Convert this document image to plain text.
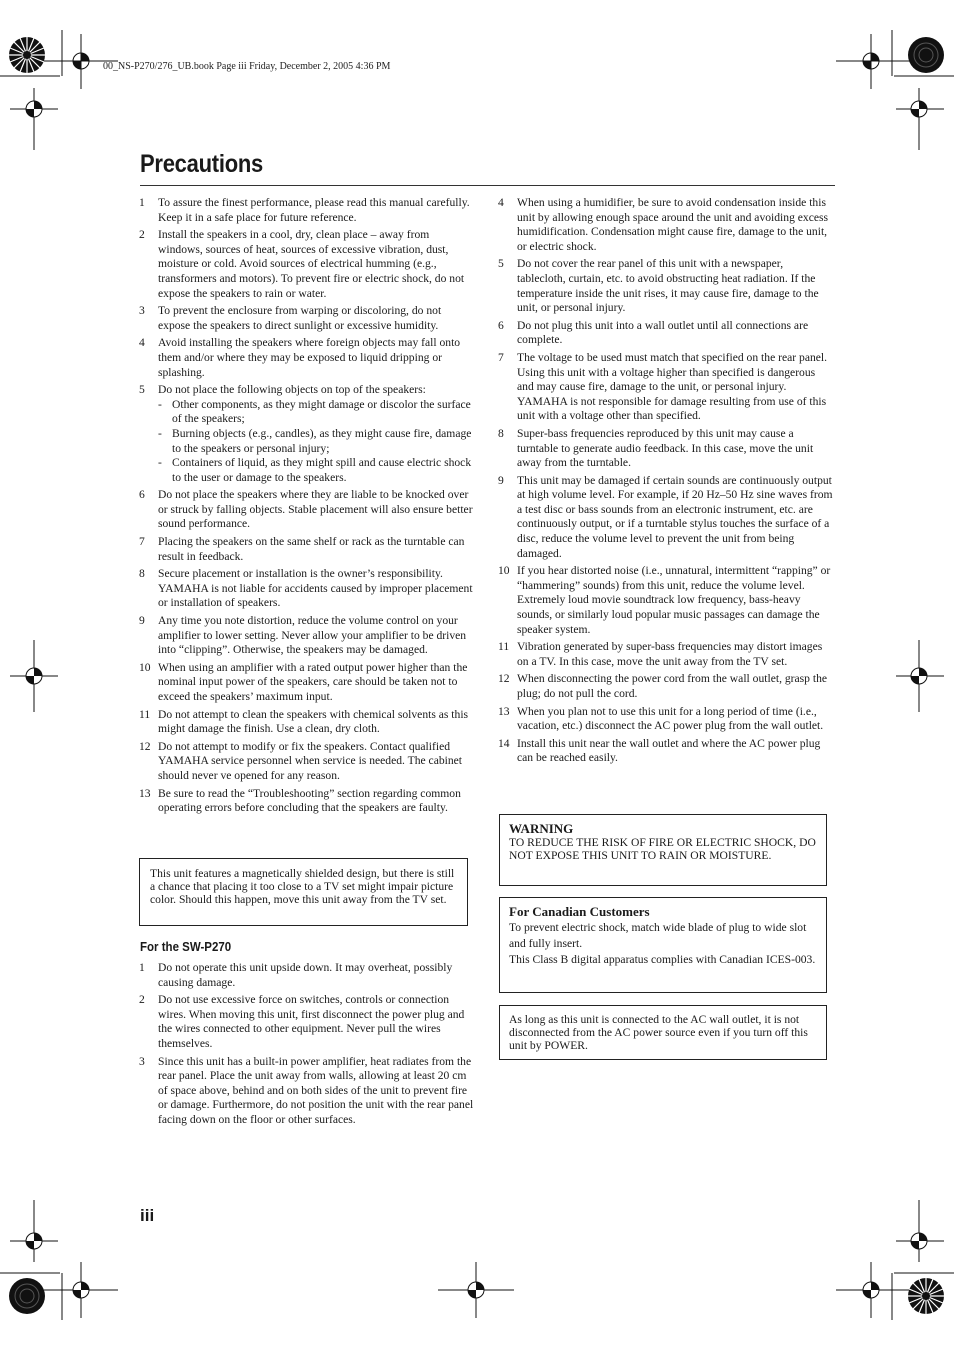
00_NS-P270/276_UB.book Page iii Friday, December 2, 2005 4:36 PM
Precautions
1	To assure the finest performance, please read this manual carefully. Keep it in a safe place for future reference.
2	Install the speakers in a cool, dry, clean place – away from windows, sources of heat, sources of excessive vibration, dust, moisture or cold. Avoid sources of electrical humming (e.g., transformers and motors). To prevent fire or electric shock, do not expose the speakers to rain or water.
3	To prevent the enclosure from warping or discoloring, do not expose the speakers to direct sunlight or excessive humidity.
4	Avoid installing the speakers where foreign objects may fall onto them and/or where they may be exposed to liquid dripping or splashing.
5	Do not place the following objects on top of the speakers:
- Other components, as they might damage or discolor the surface of the speakers;
- Burning objects (e.g., candles), as they might cause fire, damage to the speakers or personal injury;
- Containers of liquid, as they might spill and cause electric shock to the user or damage to the speakers.
6	Do not place the speakers where they are liable to be knocked over or struck by falling objects. Stable placement will also ensure better sound performance.
7	Placing the speakers on the same shelf or rack as the turntable can result in feedback.
8	Secure placement or installation is the owner’s responsibility. YAMAHA is not liable for accidents caused by improper placement or installation of speakers.
9	Any time you note distortion, reduce the volume control on your amplifier to lower setting. Never allow your amplifier to be driven into “clipping”. Otherwise, the speakers may be damaged.
10 When using an amplifier with a rated output power higher than the nominal input power of the speakers, care should be taken not to exceed the speakers’ maximum input.
11 Do not attempt to clean the speakers with chemical solvents as this might damage the finish. Use a clean, dry cloth.
12 Do not attempt to modify or fix the speakers. Contact qualified YAMAHA service personnel when service is needed. The cabinet should never ve opened for any reason.
13 Be sure to read the “Troubleshooting” section regarding common operating errors before concluding that the speakers are faulty.

This unit features a magnetically shielded design, but there is still a chance that placing it too close to a TV set might impair picture color. Should this happen, move this unit away from the TV set.

For the SW-P270
1	Do not operate this unit upside down. It may overheat, possibly causing damage.
2	Do not use excessive force on switches, controls or connection wires. When moving this unit, first disconnect the power plug and the wires connected to other equipment. Never pull the wires themselves.
3	Since this unit has a built-in power amplifier, heat radiates from the rear panel. Place the unit away from walls, allowing at least 20 cm of space above, behind and on both sides of the unit to prevent fire or damage. Furthermore, do not position the unit with the rear panel facing down on the floor or other surfaces.
4	When using a humidifier, be sure to avoid condensation inside this unit by allowing enough space around the unit and avoiding excess humidification. Condensation might cause fire, damage to the unit, or electric shock.
5	Do not cover the rear panel of this unit with a newspaper, tablecloth, curtain, etc. to avoid obstructing heat radiation. If the temperature inside the unit rises, it may cause fire, damage to the unit, or personal injury.
6	Do not plug this unit into a wall outlet until all connections are complete.
7	The voltage to be used must match that specified on the rear panel. Using this unit with a voltage higher than specified is dangerous and may cause fire, damage to the unit, or personal injury. YAMAHA is not responsible for damage resulting from use of this unit with a voltage other than specified.
8	Super-bass frequencies reproduced by this unit may cause a turntable to generate audio feedback. In this case, move the unit away from the turntable.
9	This unit may be damaged if certain sounds are continuously output at high volume level. For example, if 20 Hz–50 Hz sine waves from a test disc or bass sounds from an electronic instrument, etc. are continuously output, or if a turntable stylus touches the surface of a disc, reduce the volume level to prevent the unit from being damaged.
10 If you hear distorted noise (i.e., unnatural, intermittent “rapping” or “hammering” sounds) from this unit, reduce the volume level. Extremely loud movie soundtrack low frequency, bass-heavy sounds, or similarly loud popular music passages can damage the speaker system.
11 Vibration generated by super-bass frequencies may distort images on a TV. In this case, move the unit away from the TV set.
12 When disconnecting the power cord from the wall outlet, grasp the plug; do not pull the cord.
13 When you plan not to use this unit for a long period of time (i.e., vacation, etc.) disconnect the AC power plug from the wall outlet.
14 Install this unit near the wall outlet and where the AC power plug can be reached easily.

WARNING

TO REDUCE THE RISK OF FIRE OR ELECTRIC SHOCK, DO NOT EXPOSE THIS UNIT TO RAIN OR MOISTURE.

For Canadian Customers

To prevent electric shock, match wide blade of plug to wide slot and fully insert.

This Class B digital apparatus complies with Canadian ICES-003.

As long as this unit is connected to the AC wall outlet, it is not disconnected from the AC power source even if you turn off this unit by POWER.

iii
